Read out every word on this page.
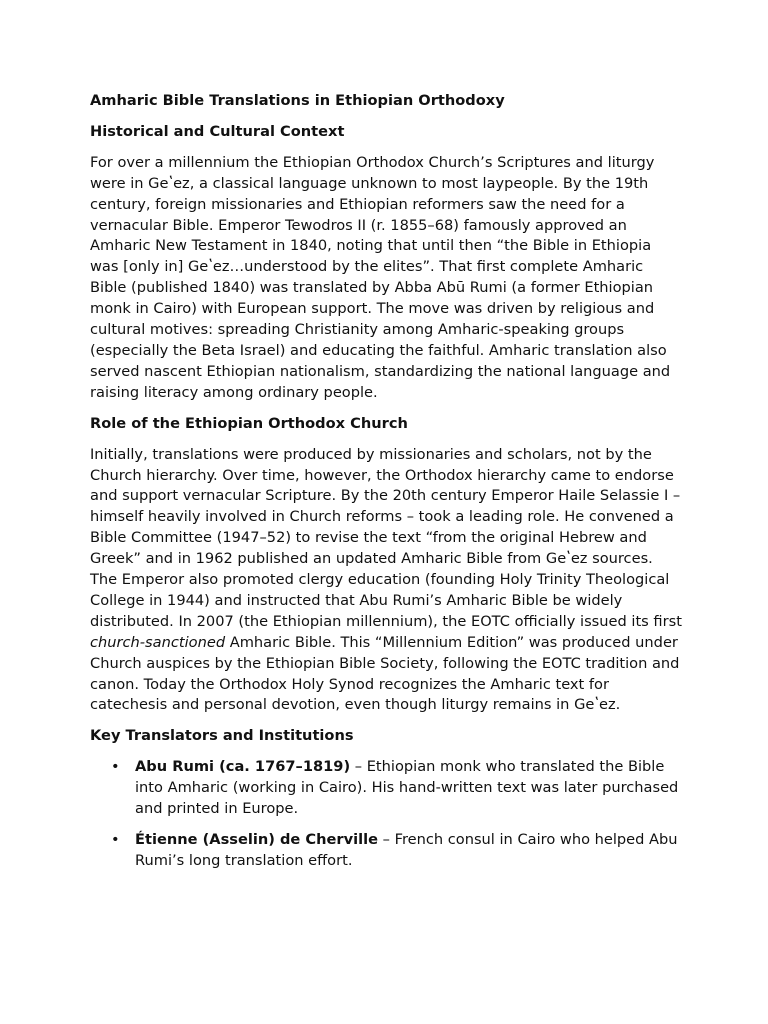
Amharic Bible Translations in Ethiopian Orthodoxy
Historical and Cultural Context

For over a millennium the Ethiopian Orthodox Church’s Scriptures and liturgy were in Geʽez, a classical language unknown to most laypeople. By the 19th century, foreign missionaries and Ethiopian reformers saw the need for a vernacular Bible. Emperor Tewodros II (r. 1855–68) famously approved an Amharic New Testament in 1840, noting that until then “the Bible in Ethiopia was [only in] Geʽez…understood by the elites”. That first complete Amharic Bible (published 1840) was translated by Abba Abū Rumi (a former Ethiopian monk in Cairo) with European support. The move was driven by religious and cultural motives: spreading Christianity among Amharic-speaking groups (especially the Beta Israel) and educating the faithful. Amharic translation also served nascent Ethiopian nationalism, standardizing the national language and raising literacy among ordinary people.

Role of the Ethiopian Orthodox Church

Initially, translations were produced by missionaries and scholars, not by the Church hierarchy. Over time, however, the Orthodox hierarchy came to endorse and support vernacular Scripture. By the 20th century Emperor Haile Selassie I – himself heavily involved in Church reforms – took a leading role. He convened a Bible Committee (1947–52) to revise the text “from the original Hebrew and Greek” and in 1962 published an updated Amharic Bible from Geʽez sources. The Emperor also promoted clergy education (founding Holy Trinity Theological College in 1944) and instructed that Abu Rumi’s Amharic Bible be widely distributed. In 2007 (the Ethiopian millennium), the EOTC officially issued its first church-sanctioned Amharic Bible. This “Millennium Edition” was produced under Church auspices by the Ethiopian Bible Society, following the EOTC tradition and canon. Today the Orthodox Holy Synod recognizes the Amharic text for catechesis and personal devotion, even though liturgy remains in Geʽez.

Key Translators and Institutions
• Abu Rumi (ca. 1767–1819) – Ethiopian monk who translated the Bible into Amharic (working in Cairo). His hand-written text was later purchased and printed in Europe.
• Étienne (Asselin) de Cherville – French consul in Cairo who helped Abu Rumi’s long translation effort.
